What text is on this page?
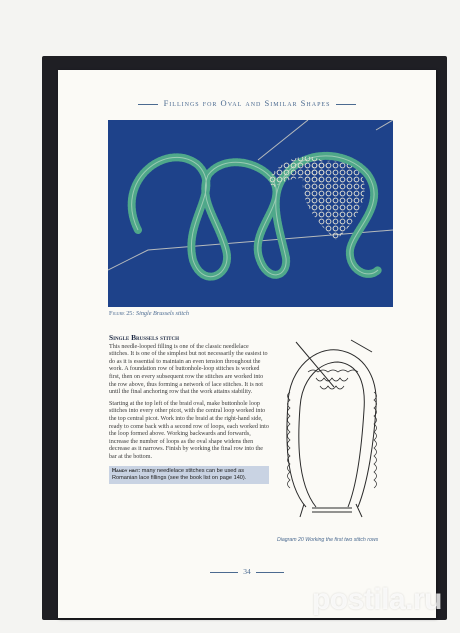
Fillings for Oval and Similar Shapes
Figure 25: Single Brussels stitch
Single Brussels stitch

This needle-looped filling is one of the classic needlelace stitches. It is one of the simplest but not necessarily the easiest to do as it is essential to maintain an even tension throughout the work. A foundation row of buttonhole-loop stitches is worked first, then on every subsequent row the stitches are worked into the row above, thus forming a network of lace stitches. It is not until the final anchoring row that the work attains stability.

Starting at the top left of the braid oval, make buttonhole loop stitches into every other picot, with the central loop worked into the top central picot. Work into the braid at the right-hand side, ready to come back with a second row of loops, each worked into the loop formed above. Working backwards and forwards, increase the number of loops as the oval shape widens then decrease as it narrows. Finish by working the final row into the bar at the bottom.

Handy hint: many needlelace stitches can be used as Romanian lace fillings (see the book list on page 140).
Diagram 20 Working the first two stitch rows
34
postila.ru
